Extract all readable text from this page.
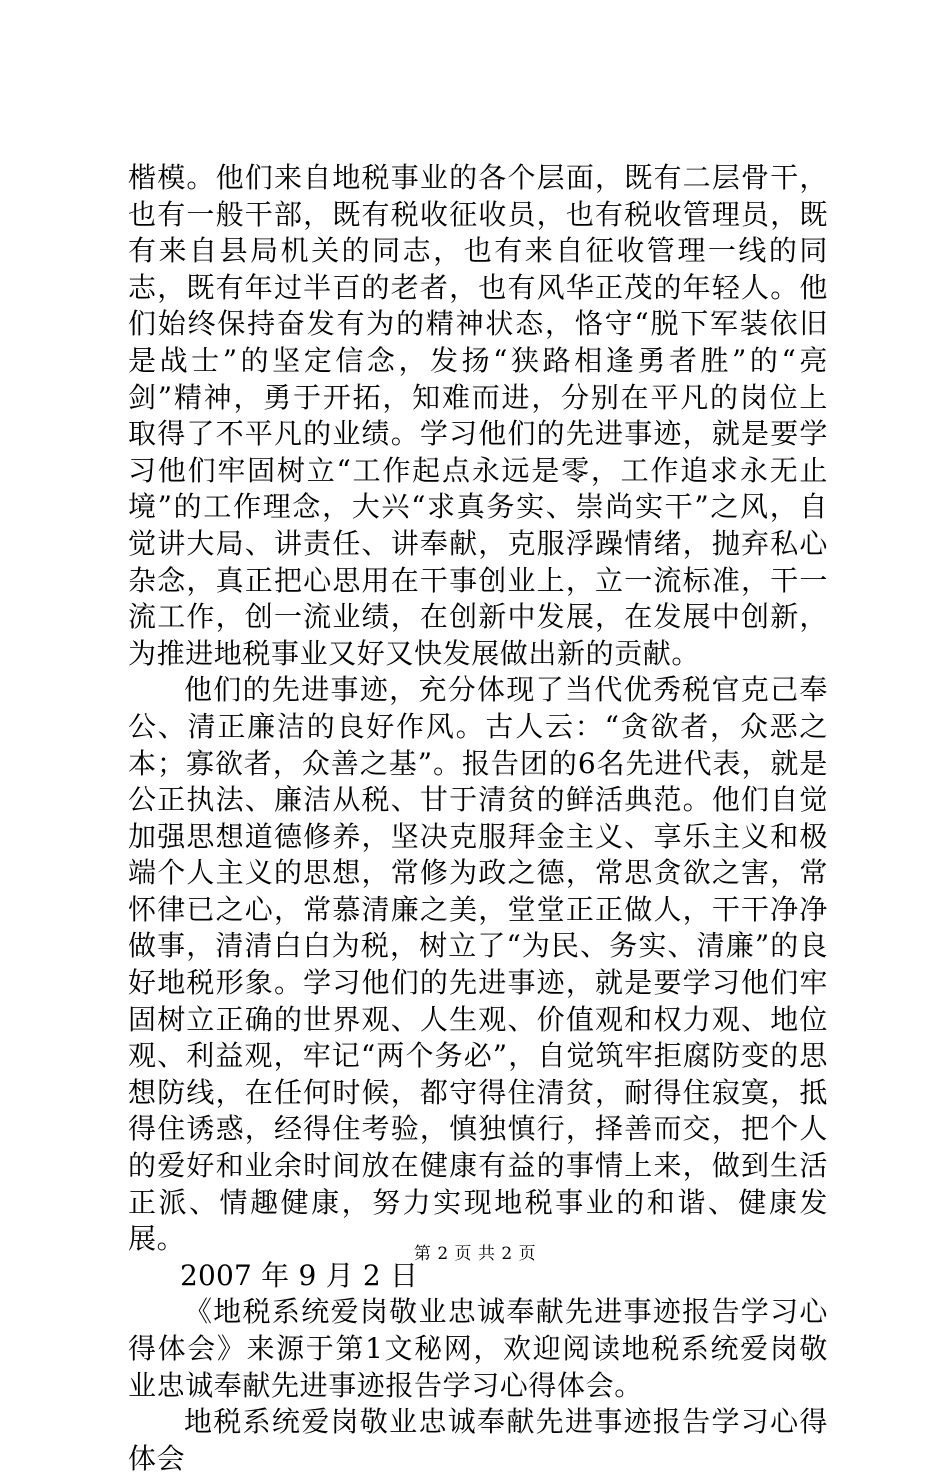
楷模。他们来自地税事业的各个层面，既有二层骨干，也有一般干部，既有税收征收员，也有税收管理员，既有来自县局机关的同志，也有来自征收管理一线的同志，既有年过半百的老者，也有风华正茂的年轻人。他们始终保持奋发有为的精神状态，恪守“脱下军装依旧是战士”的坚定信念，发扬“狭路相逢勇者胜”的“亮剑”精神，勇于开拓，知难而进，分别在平凡的岗位上取得了不平凡的业绩。学习他们的先进事迹，就是要学习他们牢固树立“工作起点永远是零，工作追求永无止境”的工作理念，大兴“求真务实、崇尚实干”之风，自觉讲大局、讲责任、讲奉献，克服浮躁情绪，抛弃私心杂念，真正把心思用在干事创业上，立一流标准，干一流工作，创一流业绩，在创新中发展，在发展中创新，为推进地税事业又好又快发展做出新的贡献。

他们的先进事迹，充分体现了当代优秀税官克己奉公、清正廉洁的良好作风。古人云：“贪欲者，众恶之本；寡欲者，众善之基”。报告团的6名先进代表，就是公正执法、廉洁从税、甘于清贫的鲜活典范。他们自觉加强思想道德修养，坚决克服拜金主义、享乐主义和极端个人主义的思想，常修为政之德，常思贪欲之害，常怀律已之心，常慕清廉之美，堂堂正正做人，干干净净做事，清清白白为税，树立了“为民、务实、清廉”的良好地税形象。学习他们的先进事迹，就是要学习他们牢固树立正确的世界观、人生观、价值观和权力观、地位观、利益观，牢记“两个务必”，自觉筑牢拒腐防变的思想防线，在任何时候，都守得住清贫，耐得住寂寞，抵得住诱惑，经得住考验，慎独慎行，择善而交，把个人的爱好和业余时间放在健康有益的事情上来，做到生活正派、情趣健康，努力实现地税事业的和谐、健康发展。

2007 年 9 月 2 日

《地税系统爱岗敬业忠诚奉献先进事迹报告学习心得体会》来源于第1文秘网，欢迎阅读地税系统爱岗敬业忠诚奉献先进事迹报告学习心得体会。

地税系统爱岗敬业忠诚奉献先进事迹报告学习心得体会

第 2 页 共 2 页
